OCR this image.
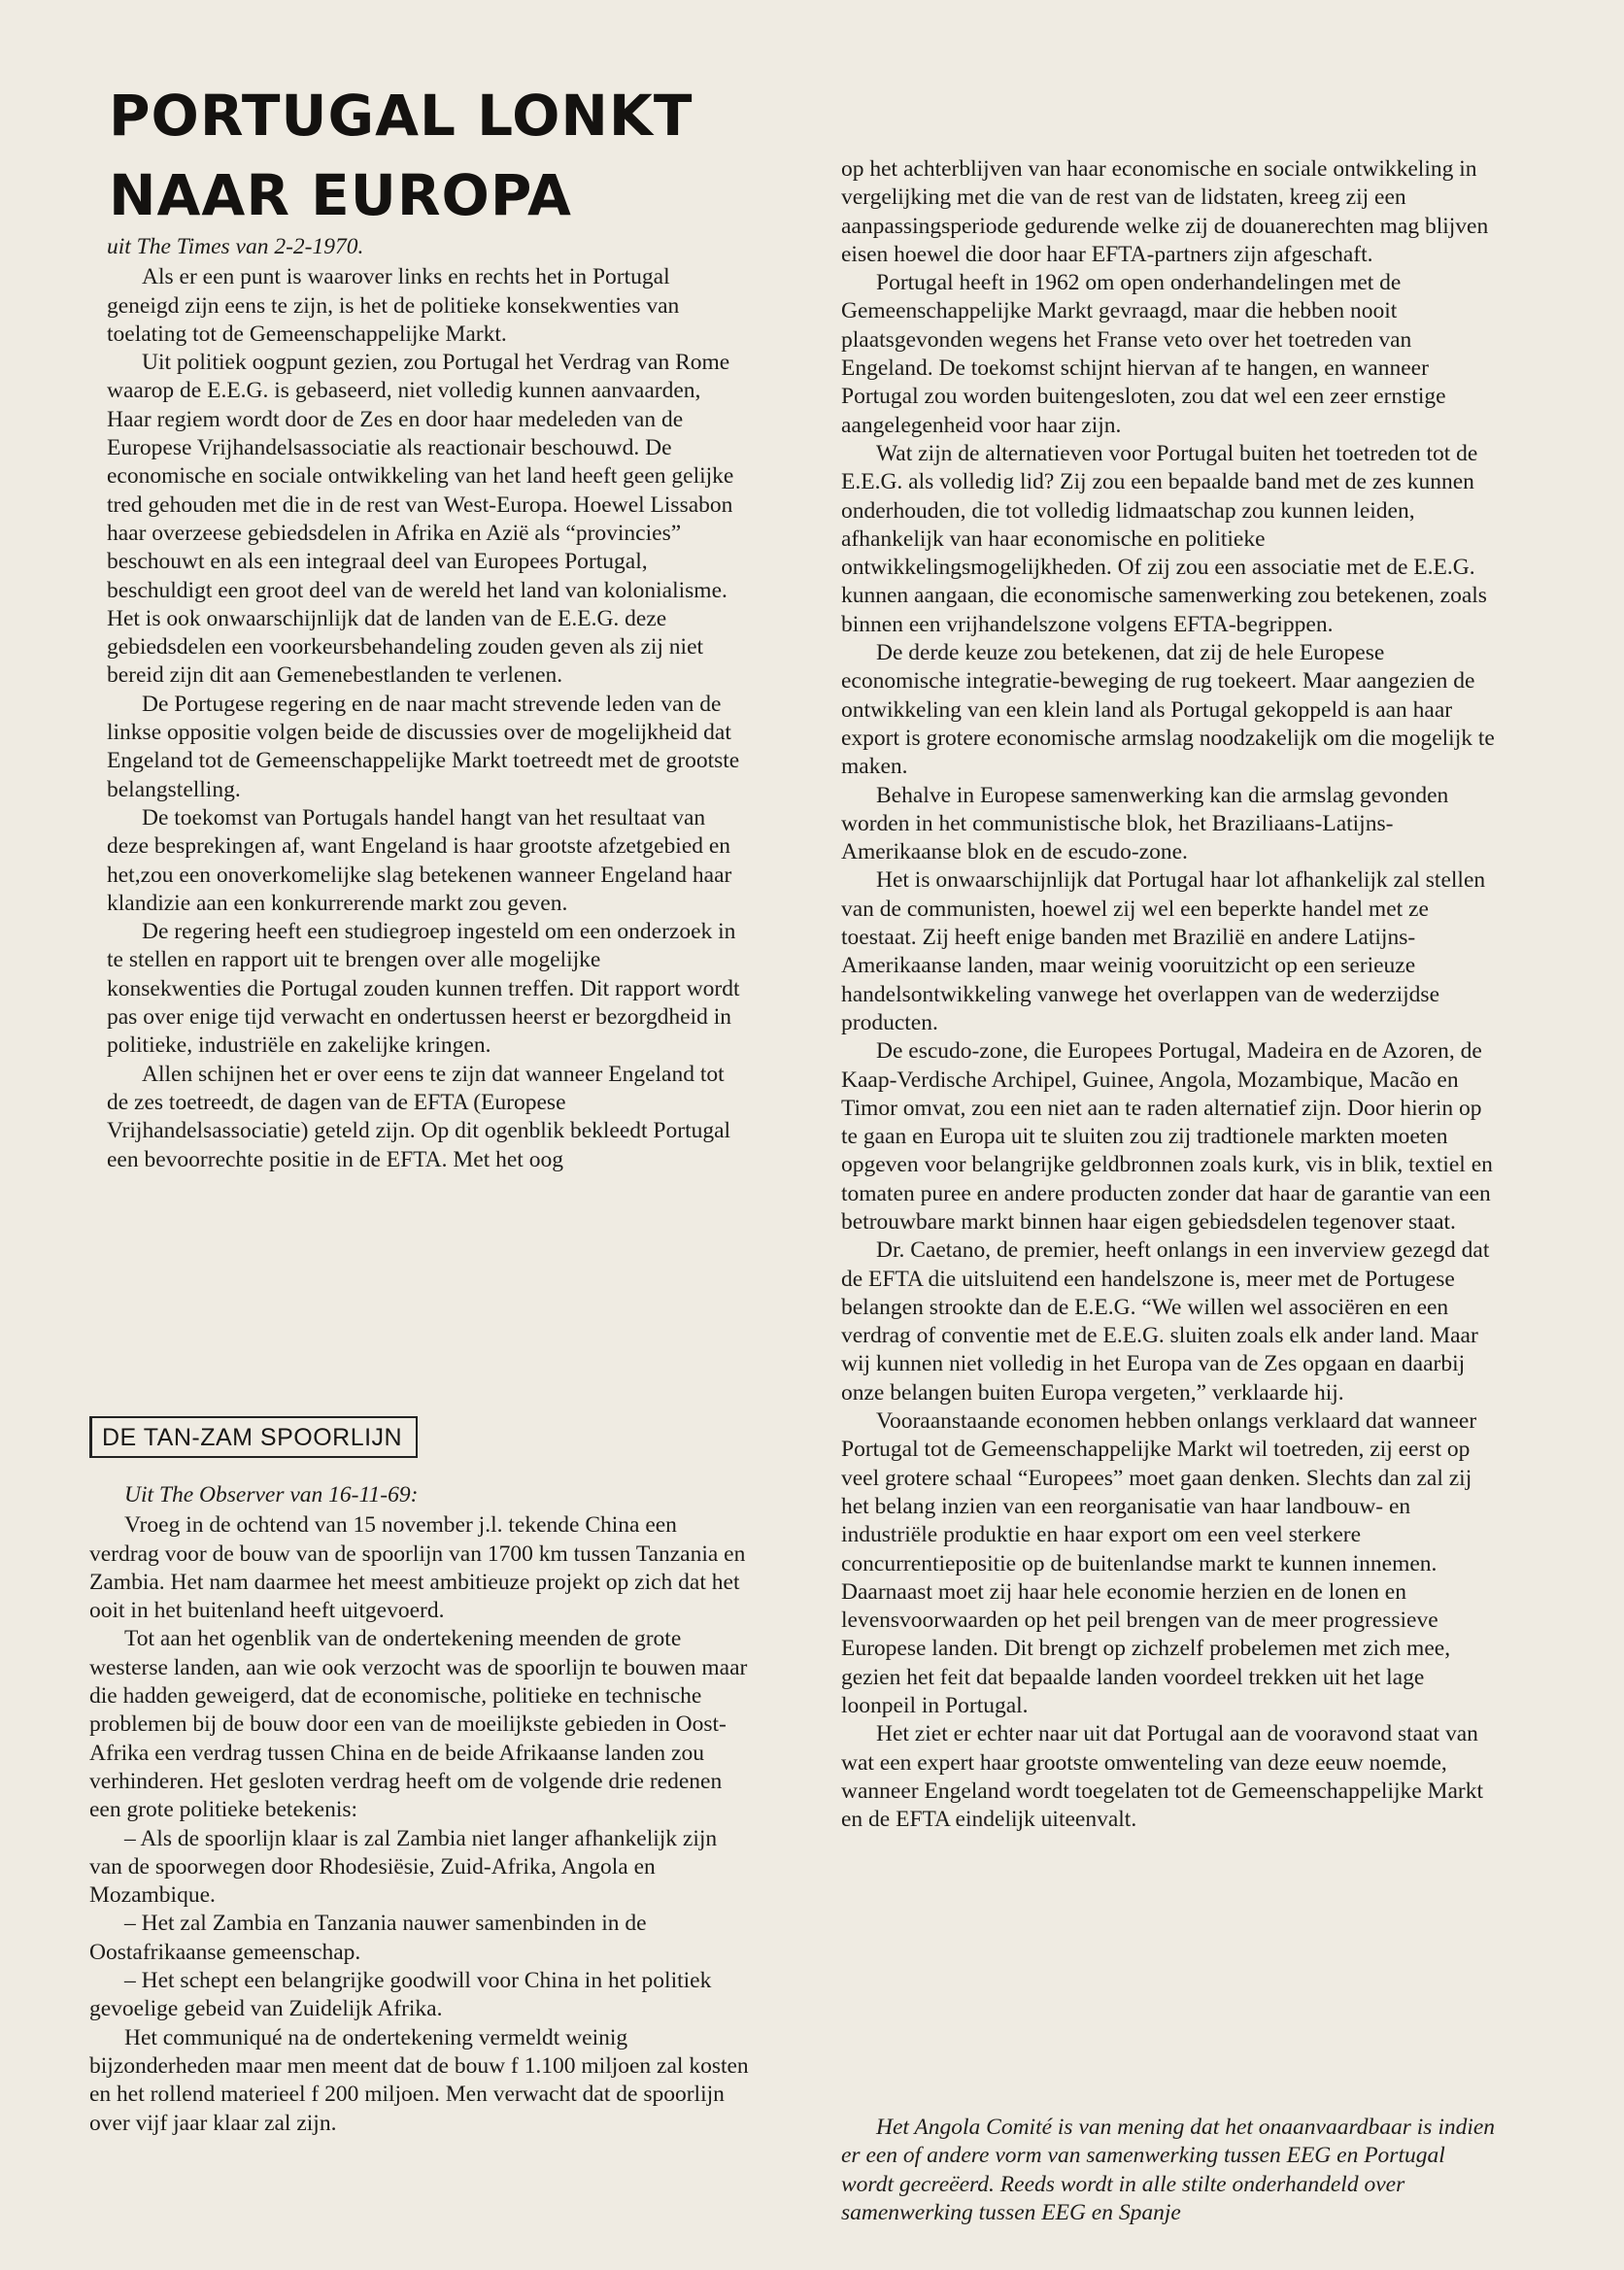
PORTUGAL LONKT
NAAR EUROPA

uit The Times van 2-2-1970.

Als er een punt is waarover links en rechts het in Portugal geneigd zijn eens te zijn, is het de politieke konsekwenties van toelating tot de Gemeenschappelijke Markt.

Uit politiek oogpunt gezien, zou Portugal het Verdrag van Rome waarop de E.E.G. is gebaseerd, niet volledig kunnen aanvaarden, Haar regiem wordt door de Zes en door haar medeleden van de Europese Vrijhandelsassociatie als reactionair beschouwd. De economische en sociale ontwikkeling van het land heeft geen gelijke tred gehouden met die in de rest van West-Europa. Hoewel Lissabon haar overzeese gebiedsdelen in Afrika en Azië als “provincies” beschouwt en als een integraal deel van Europees Portugal, beschuldigt een groot deel van de wereld het land van kolonialisme. Het is ook onwaarschijnlijk dat de landen van de E.E.G. deze gebiedsdelen een voorkeursbehandeling zouden geven als zij niet bereid zijn dit aan Gemenebestlanden te verlenen.

De Portugese regering en de naar macht strevende leden van de linkse oppositie volgen beide de discussies over de mogelijkheid dat Engeland tot de Gemeenschappelijke Markt toetreedt met de grootste belangstelling.

De toekomst van Portugals handel hangt van het resultaat van deze besprekingen af, want Engeland is haar grootste afzetgebied en het,zou een onoverkomelijke slag betekenen wanneer Engeland haar klandizie aan een konkurrerende markt zou geven.

De regering heeft een studiegroep ingesteld om een onderzoek in te stellen en rapport uit te brengen over alle mogelijke konsekwenties die Portugal zouden kunnen treffen. Dit rapport wordt pas over enige tijd verwacht en ondertussen heerst er bezorgdheid in politieke, industriële en zakelijke kringen.

Allen schijnen het er over eens te zijn dat wanneer Engeland tot de zes toetreedt, de dagen van de EFTA (Europese Vrijhandelsassociatie) geteld zijn. Op dit ogenblik bekleedt Portugal een bevoorrechte positie in de EFTA. Met het oog

DE TAN-ZAM SPOORLIJN

Uit The Observer van 16-11-69:

Vroeg in de ochtend van 15 november j.l. tekende China een verdrag voor de bouw van de spoorlijn van 1700 km tussen Tanzania en Zambia. Het nam daarmee het meest ambitieuze projekt op zich dat het ooit in het buitenland heeft uitgevoerd.

Tot aan het ogenblik van de ondertekening meenden de grote westerse landen, aan wie ook verzocht was de spoorlijn te bouwen maar die hadden geweigerd, dat de economische, politieke en technische problemen bij de bouw door een van de moeilijkste gebieden in Oost-Afrika een verdrag tussen China en de beide Afrikaanse landen zou verhinderen. Het gesloten verdrag heeft om de volgende drie redenen een grote politieke betekenis:

– Als de spoorlijn klaar is zal Zambia niet langer afhankelijk zijn van de spoorwegen door Rhodesiësie, Zuid-Afrika, Angola en Mozambique.

– Het zal Zambia en Tanzania nauwer samenbinden in de Oostafrikaanse gemeenschap.

– Het schept een belangrijke goodwill voor China in het politiek gevoelige gebeid van Zuidelijk Afrika.

Het communiqué na de ondertekening vermeldt weinig bijzonderheden maar men meent dat de bouw f 1.100 miljoen zal kosten en het rollend materieel f 200 miljoen. Men verwacht dat de spoorlijn over vijf jaar klaar zal zijn.

op het achterblijven van haar economische en sociale ontwikkeling in vergelijking met die van de rest van de lidstaten, kreeg zij een aanpassingsperiode gedurende welke zij de douanerechten mag blijven eisen hoewel die door haar EFTA-partners zijn afgeschaft.

Portugal heeft in 1962 om open onderhandelingen met de Gemeenschappelijke Markt gevraagd, maar die hebben nooit plaatsgevonden wegens het Franse veto over het toetreden van Engeland. De toekomst schijnt hiervan af te hangen, en wanneer Portugal zou worden buitengesloten, zou dat wel een zeer ernstige aangelegenheid voor haar zijn.

Wat zijn de alternatieven voor Portugal buiten het toetreden tot de E.E.G. als volledig lid? Zij zou een bepaalde band met de zes kunnen onderhouden, die tot volledig lidmaatschap zou kunnen leiden, afhankelijk van haar economische en politieke ontwikkelingsmogelijkheden. Of zij zou een associatie met de E.E.G. kunnen aangaan, die economische samenwerking zou betekenen, zoals binnen een vrijhandelszone volgens EFTA-begrippen.

De derde keuze zou betekenen, dat zij de hele Europese economische integratie-beweging de rug toekeert. Maar aangezien de ontwikkeling van een klein land als Portugal gekoppeld is aan haar export is grotere economische armslag noodzakelijk om die mogelijk te maken.

Behalve in Europese samenwerking kan die armslag gevonden worden in het communistische blok, het Braziliaans-Latijns-Amerikaanse blok en de escudo-zone.

Het is onwaarschijnlijk dat Portugal haar lot afhankelijk zal stellen van de communisten, hoewel zij wel een beperkte handel met ze toestaat. Zij heeft enige banden met Brazilië en andere Latijns-Amerikaanse landen, maar weinig vooruitzicht op een serieuze handelsontwikkeling vanwege het overlappen van de wederzijdse producten.

De escudo-zone, die Europees Portugal, Madeira en de Azoren, de Kaap-Verdische Archipel, Guinee, Angola, Mozambique, Macão en Timor omvat, zou een niet aan te raden alternatief zijn. Door hierin op te gaan en Europa uit te sluiten zou zij tradtionele markten moeten opgeven voor belangrijke geldbronnen zoals kurk, vis in blik, textiel en tomaten puree en andere producten zonder dat haar de garantie van een betrouwbare markt binnen haar eigen gebiedsdelen tegenover staat.

Dr. Caetano, de premier, heeft onlangs in een inverview gezegd dat de EFTA die uitsluitend een handelszone is, meer met de Portugese belangen strookte dan de E.E.G. “We willen wel associëren en een verdrag of conventie met de E.E.G. sluiten zoals elk ander land. Maar wij kunnen niet volledig in het Europa van de Zes opgaan en daarbij onze belangen buiten Europa vergeten,” verklaarde hij.

Vooraanstaande economen hebben onlangs verklaard dat wanneer Portugal tot de Gemeenschappelijke Markt wil toetreden, zij eerst op veel grotere schaal “Europees” moet gaan denken. Slechts dan zal zij het belang inzien van een reorganisatie van haar landbouw- en industriële produktie en haar export om een veel sterkere concurrentiepositie op de buitenlandse markt te kunnen innemen. Daarnaast moet zij haar hele economie herzien en de lonen en levensvoorwaarden op het peil brengen van de meer progressieve Europese landen. Dit brengt op zichzelf probelemen met zich mee, gezien het feit dat bepaalde landen voordeel trekken uit het lage loonpeil in Portugal.

Het ziet er echter naar uit dat Portugal aan de vooravond staat van wat een expert haar grootste omwenteling van deze eeuw noemde, wanneer Engeland wordt toegelaten tot de Gemeenschappelijke Markt en de EFTA eindelijk uiteenvalt.

Het Angola Comité is van mening dat het onaanvaardbaar is indien er een of andere vorm van samenwerking tussen EEG en Portugal wordt gecreëerd. Reeds wordt in alle stilte onderhandeld over samenwerking tussen EEG en Spanje
